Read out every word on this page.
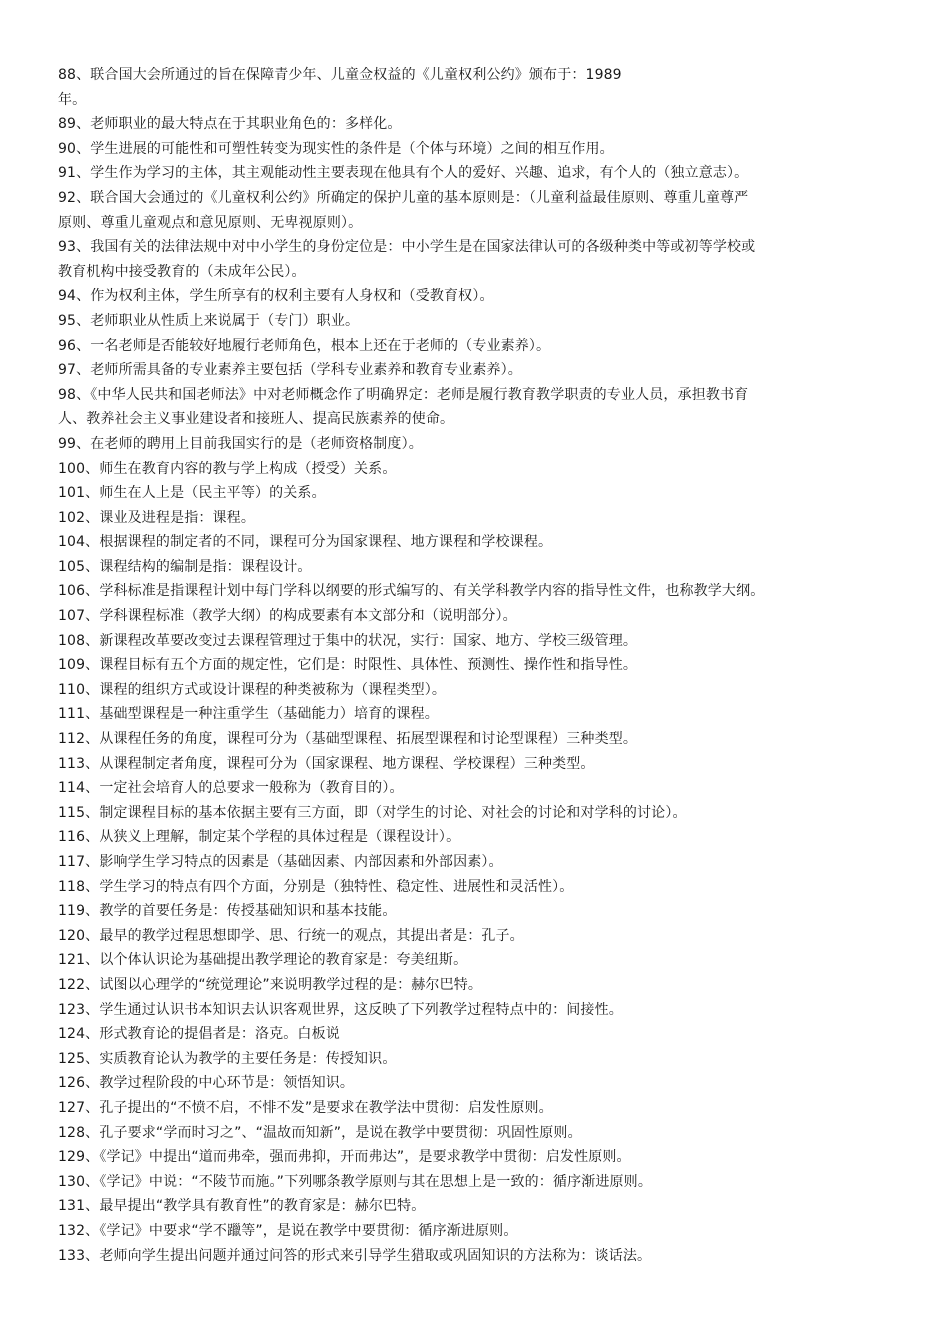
88、联合国大会所通过的旨在保障青少年、儿童佥权益的《儿童权利公约》颁布于：1989
年。
89、老师职业的最大特点在于其职业角色的：多样化。
90、学生进展的可能性和可塑性转变为现实性的条件是（个体与环境）之间的相互作用。
91、学生作为学习的主体，其主观能动性主要表现在他具有个人的爱好、兴趣、追求，有个人的（独立意志）。
92、联合国大会通过的《儿童权利公约》所确定的保护儿童的基本原则是：（儿童利益最佳原则、尊重儿童尊严
原则、尊重儿童观点和意见原则、无卑视原则）。
93、我国有关的法律法规中对中小学生的身份定位是：中小学生是在国家法律认可的各级种类中等或初等学校或
教育机构中接受教育的（未成年公民）。
94、作为权利主体，学生所享有的权利主要有人身权和（受教育权）。
95、老师职业从性质上来说属于（专门）职业。
96、一名老师是否能较好地履行老师角色，根本上还在于老师的（专业素养）。
97、老师所需具备的专业素养主要包括（学科专业素养和教育专业素养）。
98、《中华人民共和国老师法》中对老师概念作了明确界定：老师是履行教育教学职责的专业人员，承担教书育
人、教养社会主义事业建设者和接班人、提高民族素养的使命。
99、在老师的聘用上目前我国实行的是（老师资格制度）。
100、师生在教育内容的教与学上构成（授受）关系。
101、师生在人上是（民主平等）的关系。
102、课业及进程是指：课程。
104、根据课程的制定者的不同，课程可分为国家课程、地方课程和学校课程。
105、课程结构的编制是指：课程设计。
106、学科标准是指课程计划中每门学科以纲要的形式编写的、有关学科教学内容的指导性文件，也称教学大纲。
107、学科课程标准（教学大纲）的构成要素有本文部分和（说明部分）。
108、新课程改革要改变过去课程管理过于集中的状况，实行：国家、地方、学校三级管理。
109、课程目标有五个方面的规定性，它们是：时限性、具体性、预测性、操作性和指导性。
110、课程的组织方式或设计课程的种类被称为（课程类型）。
111、基础型课程是一种注重学生（基础能力）培育的课程。
112、从课程任务的角度，课程可分为（基础型课程、拓展型课程和讨论型课程）三种类型。
113、从课程制定者角度，课程可分为（国家课程、地方课程、学校课程）三种类型。
114、一定社会培育人的总要求一般称为（教育目的）。
115、制定课程目标的基本依据主要有三方面，即（对学生的讨论、对社会的讨论和对学科的讨论）。
116、从狭义上理解，制定某个学程的具体过程是（课程设计）。
117、影响学生学习特点的因素是（基础因素、内部因素和外部因素）。
118、学生学习的特点有四个方面，分别是（独特性、稳定性、进展性和灵活性）。
119、教学的首要任务是：传授基础知识和基本技能。
120、最早的教学过程思想即学、思、行统一的观点，其提出者是：孔子。
121、以个体认识论为基础提出教学理论的教育家是：夸美纽斯。
122、试图以心理学的“统觉理论”来说明教学过程的是：赫尔巴特。
123、学生通过认识书本知识去认识客观世界，这反映了下列教学过程特点中的：间接性。
124、形式教育论的提倡者是：洛克。白板说
125、实质教育论认为教学的主要任务是：传授知识。
126、教学过程阶段的中心环节是：领悟知识。
127、孔子提出的“不愤不启，不悱不发”是要求在教学法中贯彻：启发性原则。
128、孔子要求“学而时习之”、“温故而知新”，是说在教学中要贯彻：巩固性原则。
129、《学记》中提出“道而弗牵，强而弗抑，开而弗达”，是要求教学中贯彻：启发性原则。
130、《学记》中说：“不陵节而施。”下列哪条教学原则与其在思想上是一致的：循序渐进原则。
131、最早提出“教学具有教育性”的教育家是：赫尔巴特。
132、《学记》中要求“学不躐等”，是说在教学中要贯彻：循序渐进原则。
133、老师向学生提出问题并通过问答的形式来引导学生猎取或巩固知识的方法称为：谈话法。
